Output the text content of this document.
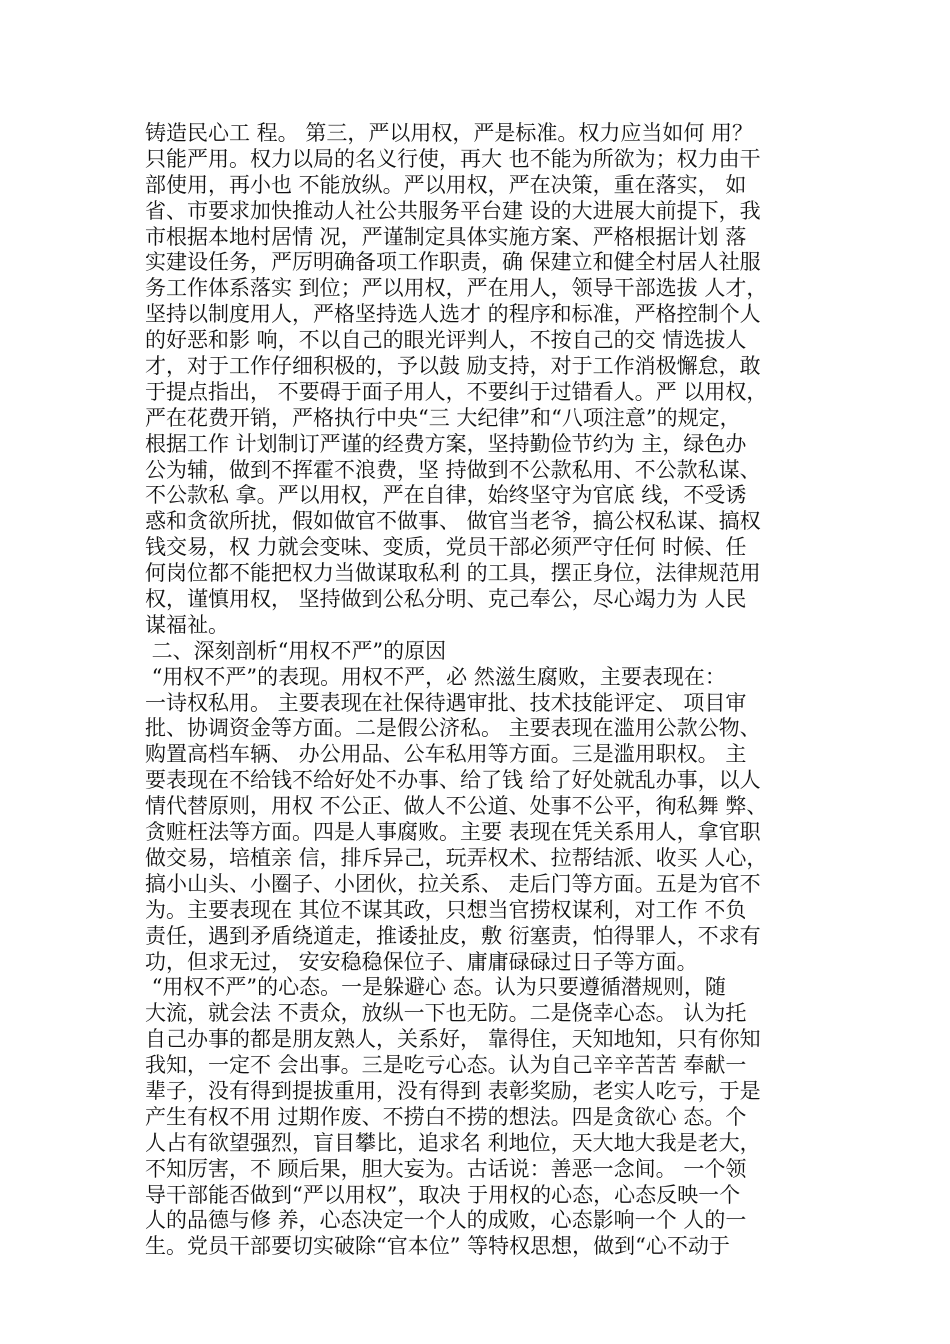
铸造民心工 程。 第三，严以用权，严是标准。权力应当如何 用？
只能严用。权力以局的名义行使，再大 也不能为所欲为；权力由干
部使用，再小也 不能放纵。严以用权，严在决策，重在落实， 如
省、市要求加快推动人社公共服务平台建 设的大进展大前提下，我
市根据本地村居情 况，严谨制定具体实施方案、严格根据计划 落
实建设任务，严厉明确备项工作职责，确 保建立和健全村居人社服
务工作体系落实 到位；严以用权，严在用人，领导干部选拔 人才，
坚持以制度用人，严格坚持选人选才 的程序和标准，严格控制个人
的好恶和影 响，不以自己的眼光评判人，不按自己的交 情选拔人
才，对于工作仔细积极的，予以鼓 励支持，对于工作消极懈怠，敢
于提点指出， 不要碍于面子用人，不要纠于过错看人。严 以用权，
严在花费开销，严格执行中央“三 大纪律”和“八项注意”的规定，
根据工作 计划制订严谨的经费方案，坚持勤俭节约为 主，绿色办
公为辅，做到不挥霍不浪费，坚 持做到不公款私用、不公款私谋、
不公款私 拿。严以用权，严在自律，始终坚守为官底 线，不受诱
惑和贪欲所扰，假如做官不做事、 做官当老爷，搞公权私谋、搞权
钱交易，权 力就会变味、变质，党员干部必须严守任何 时候、任
何岗位都不能把权力当做谋取私利 的工具，摆正身位，法律规范用
权，谨慎用权， 坚持做到公私分明、克己奉公，尽心竭力为 人民
谋福祉。
二、深刻剖析“用权不严”的原因
“用权不严”的表现。用权不严，必 然滋生腐败，主要表现在：
一诗权私用。 主要表现在社保待遇审批、技术技能评定、 项目审
批、协调资金等方面。二是假公济私。 主要表现在滥用公款公物、
购置高档车辆、 办公用品、公车私用等方面。三是滥用职权。 主
要表现在不给钱不给好处不办事、给了钱 给了好处就乱办事，以人
情代替原则，用权 不公正、做人不公道、处事不公平，徇私舞 弊、
贪赃枉法等方面。四是人事腐败。主要 表现在凭关系用人，拿官职
做交易，培植亲 信，排斥异己，玩弄权术、拉帮结派、收买 人心，
搞小山头、小圈子、小团伙，拉关系、 走后门等方面。五是为官不
为。主要表现在 其位不谋其政，只想当官捞权谋利，对工作 不负
责任，遇到矛盾绕道走，推诿扯皮，敷 衍塞责，怕得罪人，不求有
功，但求无过， 安安稳稳保位子、庸庸碌碌过日子等方面。
“用权不严”的心态。一是躲避心 态。认为只要遵循潜规则，随
大流，就会法 不责众，放纵一下也无防。二是侥幸心态。 认为托
自己办事的都是朋友熟人，关系好， 靠得住，天知地知，只有你知
我知，一定不 会出事。三是吃亏心态。认为自己辛辛苦苦 奉献一
辈子，没有得到提拔重用，没有得到 表彰奖励，老实人吃亏，于是
产生有权不用 过期作废、不捞白不捞的想法。四是贪欲心 态。个
人占有欲望强烈，盲目攀比，追求名 利地位，天大地大我是老大，
不知厉害，不 顾后果，胆大妄为。古话说：善恶一念间。 一个领
导干部能否做到“严以用权”，取决 于用权的心态，心态反映一个
人的品德与修 养，心态决定一个人的成败，心态影响一个 人的一
生。党员干部要切实破除“官本位” 等特权思想，做到“心不动于
